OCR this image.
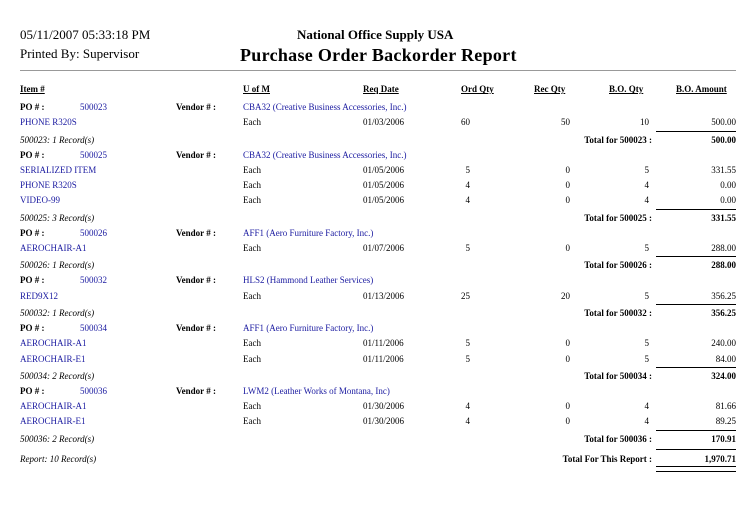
05/11/2007 05:33:18 PM
Printed By: Supervisor
National Office Supply USA
Purchase Order Backorder Report
Item #	U of M	Req Date	Ord Qty	Rec Qty	B.O. Qty	B.O. Amount
PO # :	500023	Vendor # :	CBA32 (Creative Business Accessories, Inc.)
PHONE R320S	Each	01/03/2006	60	50	10	500.00
500023: 1 Record(s)	Total for 500023 :	500.00
PO # :	500025	Vendor # :	CBA32 (Creative Business Accessories, Inc.)
SERIALIZED ITEM	Each	01/05/2006	5	0	5	331.55
PHONE R320S	Each	01/05/2006	4	0	4	0.00
VIDEO-99	Each	01/05/2006	4	0	4	0.00
500025: 3 Record(s)	Total for 500025 :	331.55
PO # :	500026	Vendor # :	AFF1 (Aero Furniture Factory, Inc.)
AEROCHAIR-A1	Each	01/07/2006	5	0	5	288.00
500026: 1 Record(s)	Total for 500026 :	288.00
PO # :	500032	Vendor # :	HLS2 (Hammond Leather Services)
RED9X12	Each	01/13/2006	25	20	5	356.25
500032: 1 Record(s)	Total for 500032 :	356.25
PO # :	500034	Vendor # :	AFF1 (Aero Furniture Factory, Inc.)
AEROCHAIR-A1	Each	01/11/2006	5	0	5	240.00
AEROCHAIR-E1	Each	01/11/2006	5	0	5	84.00
500034: 2 Record(s)	Total for 500034 :	324.00
PO # :	500036	Vendor # :	LWM2 (Leather Works of Montana, Inc)
AEROCHAIR-A1	Each	01/30/2006	4	0	4	81.66
AEROCHAIR-E1	Each	01/30/2006	4	0	4	89.25
500036: 2 Record(s)	Total for 500036 :	170.91
Report: 10 Record(s)	Total For This Report :	1,970.71
